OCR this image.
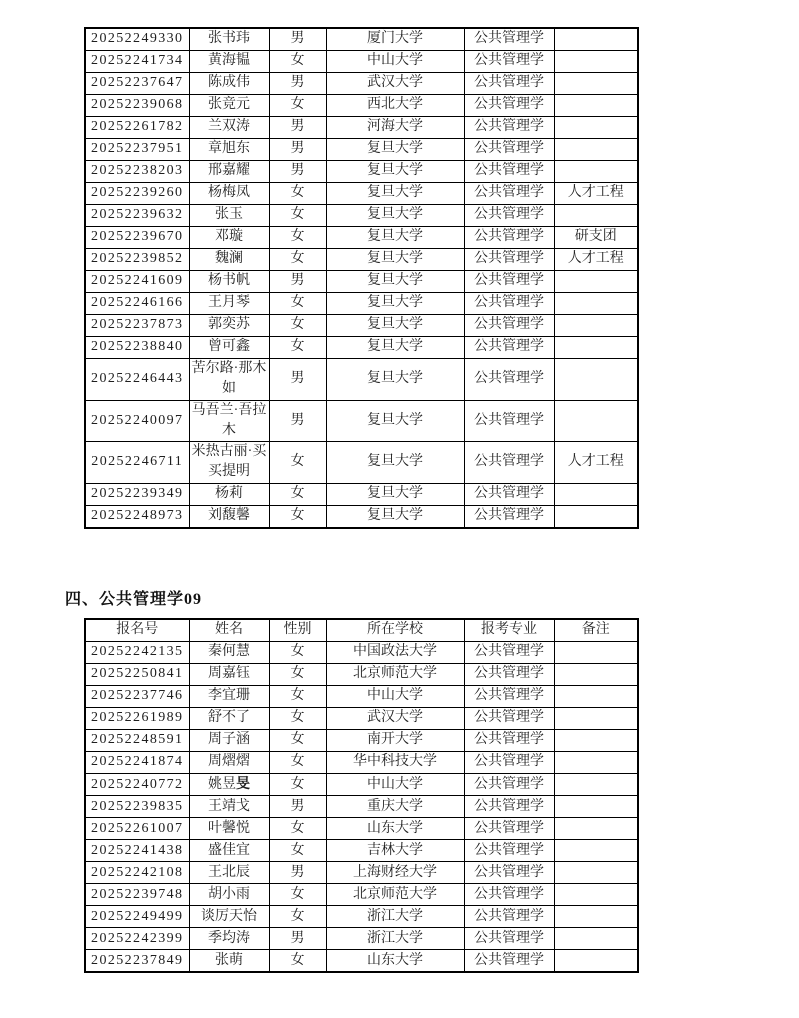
20252249330	张书玮	男	厦门大学	公共管理学	
20252241734	黄海韫	女	中山大学	公共管理学	
20252237647	陈成伟	男	武汉大学	公共管理学	
20252239068	张竞元	女	西北大学	公共管理学	
20252261782	兰双涛	男	河海大学	公共管理学	
20252237951	章旭东	男	复旦大学	公共管理学	
20252238203	邢嘉耀	男	复旦大学	公共管理学	
20252239260	杨梅凤	女	复旦大学	公共管理学	人才工程
20252239632	张玉	女	复旦大学	公共管理学	
20252239670	邓璇	女	复旦大学	公共管理学	研支团
20252239852	魏澜	女	复旦大学	公共管理学	人才工程
20252241609	杨书帆	男	复旦大学	公共管理学	
20252246166	王月琴	女	复旦大学	公共管理学	
20252237873	郭奕苏	女	复旦大学	公共管理学	
20252238840	曾可鑫	女	复旦大学	公共管理学	
20252246443	苦尔路·那木如	男	复旦大学	公共管理学	
20252240097	马吾兰·吾拉木	男	复旦大学	公共管理学	
20252246711	米热古丽·买买提明	女	复旦大学	公共管理学	人才工程
20252239349	杨莉	女	复旦大学	公共管理学	
20252248973	刘馥馨	女	复旦大学	公共管理学	
四、公共管理学09
报名号	姓名	性别	所在学校	报考专业	备注
20252242135	秦何慧	女	中国政法大学	公共管理学	
20252250841	周嘉钰	女	北京师范大学	公共管理学	
20252237746	李宜珊	女	中山大学	公共管理学	
20252261989	舒不了	女	武汉大学	公共管理学	
20252248591	周子涵	女	南开大学	公共管理学	
20252241874	周熠熠	女	华中科技大学	公共管理学	
20252240772	姚昱旻	女	中山大学	公共管理学	
20252239835	王靖戈	男	重庆大学	公共管理学	
20252261007	叶馨悦	女	山东大学	公共管理学	
20252241438	盛佳宜	女	吉林大学	公共管理学	
20252242108	王北辰	男	上海财经大学	公共管理学	
20252239748	胡小雨	女	北京师范大学	公共管理学	
20252249499	谈厉天怡	女	浙江大学	公共管理学	
20252242399	季均涛	男	浙江大学	公共管理学	
20252237849	张萌	女	山东大学	公共管理学	
